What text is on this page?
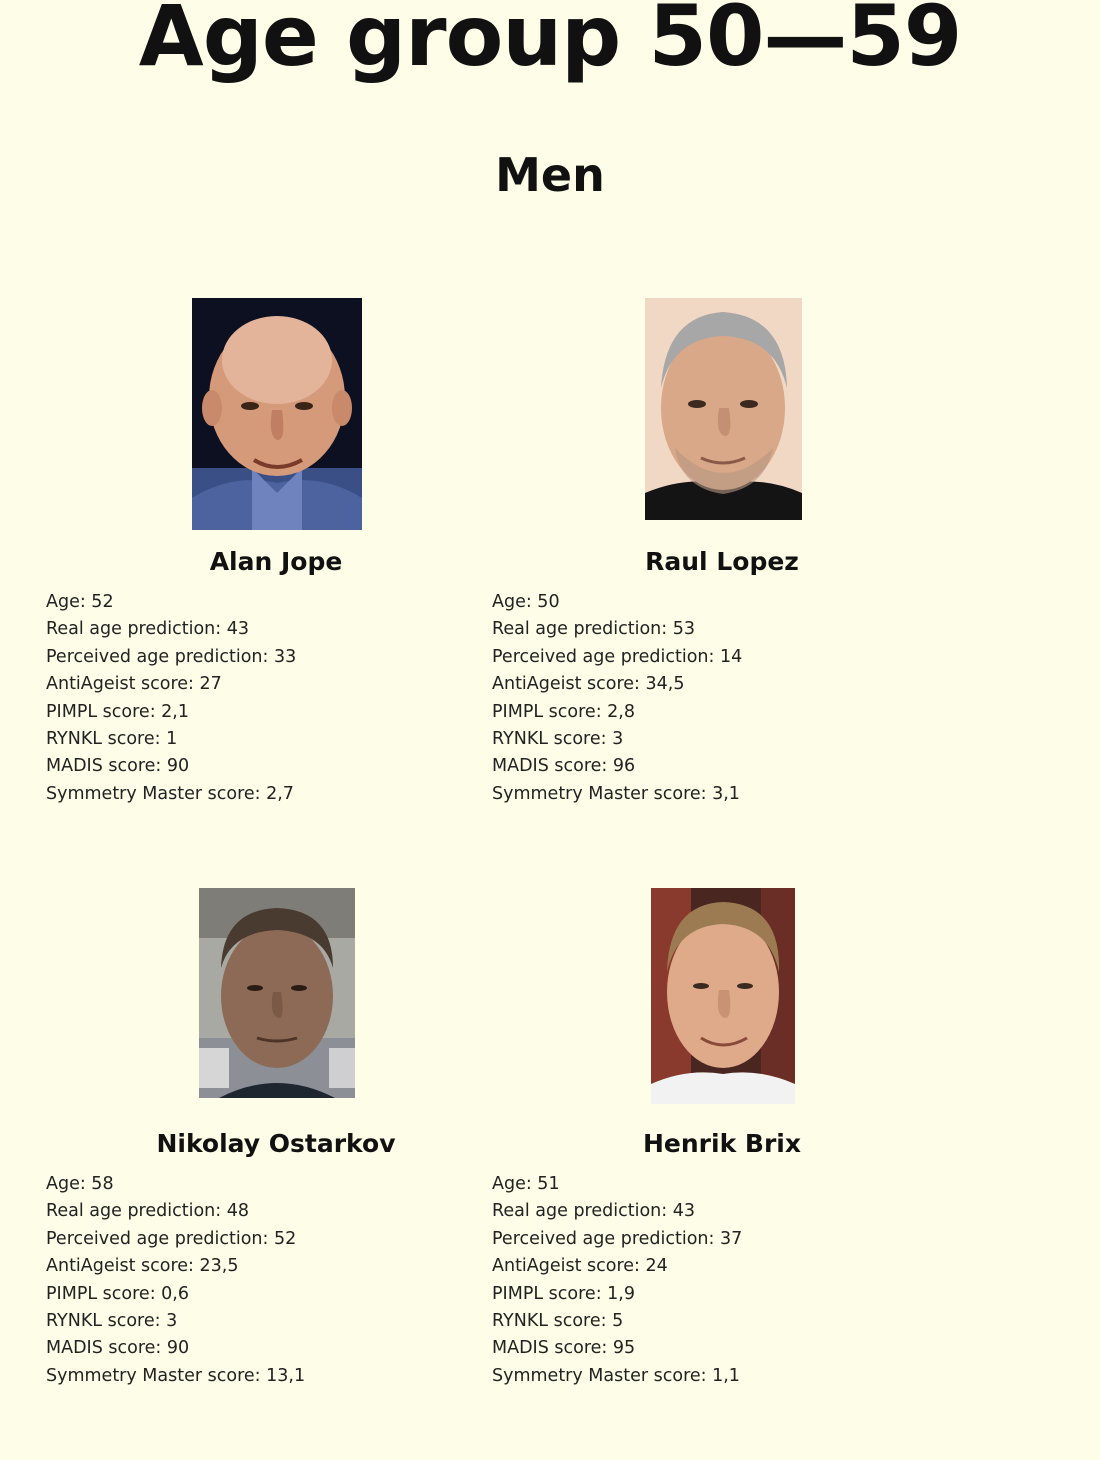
Age group 50—59
Men
Alan Jope
Age: 52
Real age prediction: 43
Perceived age prediction: 33
AntiAgeist score: 27
PIMPL score: 2,1
RYNKL score: 1
MADIS score: 90
Symmetry Master score: 2,7
Raul Lopez
Age: 50
Real age prediction: 53
Perceived age prediction: 14
AntiAgeist score: 34,5
PIMPL score: 2,8
RYNKL score: 3
MADIS score: 96
Symmetry Master score: 3,1
Nikolay Ostarkov
Age: 58
Real age prediction: 48
Perceived age prediction: 52
AntiAgeist score: 23,5
PIMPL score: 0,6
RYNKL score: 3
MADIS score: 90
Symmetry Master score: 13,1
Henrik Brix
Age: 51
Real age prediction: 43
Perceived age prediction: 37
AntiAgeist score: 24
PIMPL score: 1,9
RYNKL score: 5
MADIS score: 95
Symmetry Master score: 1,1
